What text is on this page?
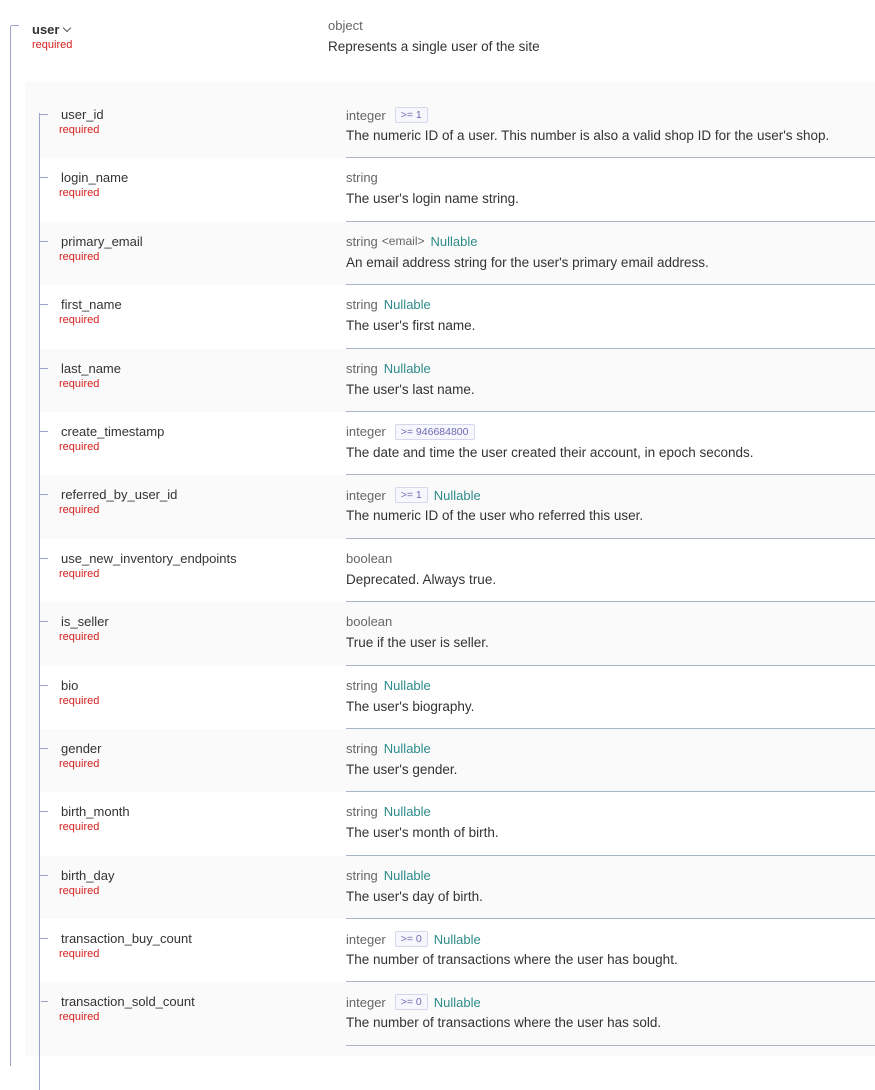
user
required
object
Represents a single user of the site
user_id
required
integer	>= 1
The numeric ID of a user. This number is also a valid shop ID for the user's shop.
login_name
required
string
The user's login name string.
primary_email
required
string <email> Nullable
An email address string for the user's primary email address.
first_name
required
string Nullable
The user's first name.
last_name
required
string Nullable
The user's last name.
create_timestamp
required
integer	>= 946684800
The date and time the user created their account, in epoch seconds.
referred_by_user_id
required
integer	>= 1 Nullable
The numeric ID of the user who referred this user.
use_new_inventory_endpoints
required
boolean
Deprecated. Always true.
is_seller
required
boolean
True if the user is seller.
bio
required
string Nullable
The user's biography.
gender
required
string Nullable
The user's gender.
birth_month
required
string Nullable
The user's month of birth.
birth_day
required
string Nullable
The user's day of birth.
transaction_buy_count
required
integer	>= 0 Nullable
The number of transactions where the user has bought.
transaction_sold_count
required
integer	>= 0 Nullable
The number of transactions where the user has sold.
